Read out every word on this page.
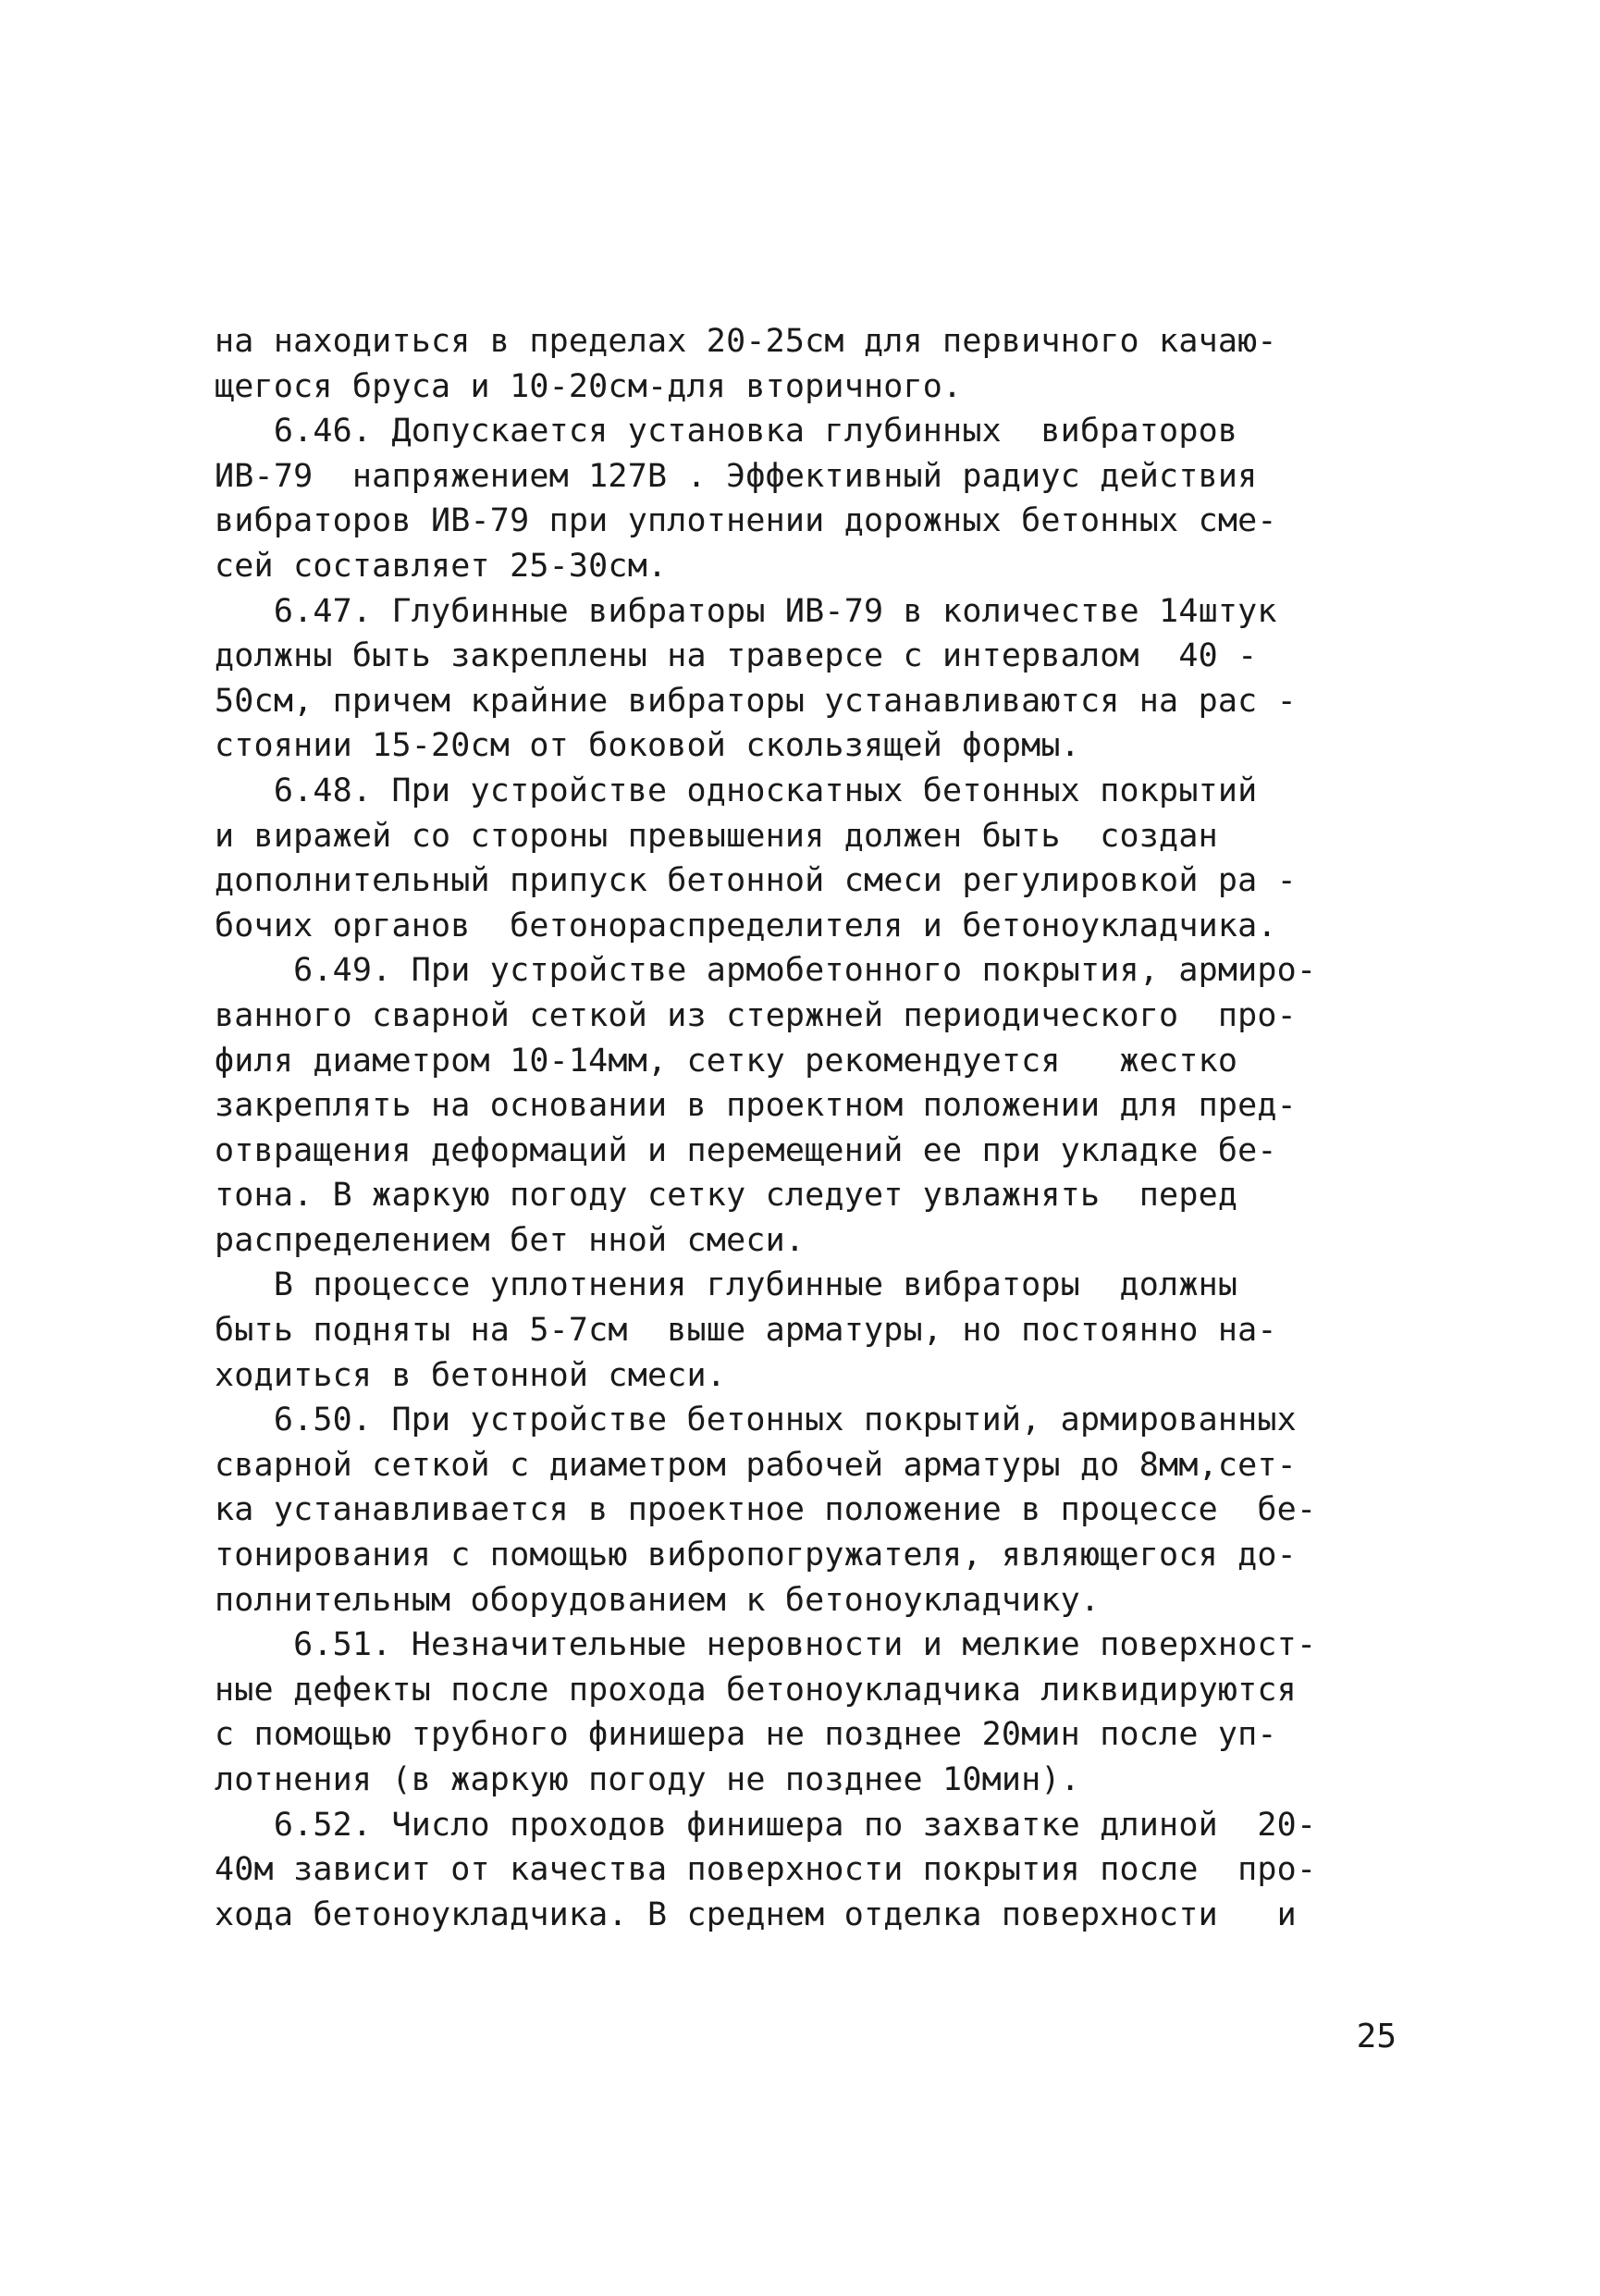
на находиться в пределах 20-25см для первичного качаю-
щегося бруса и 10-20см-для вторичного.
6.46. Допускается установка глубинных  вибраторов
ИВ-79  напряжением 127В . Эффективный радиус действия
вибраторов ИВ-79 при уплотнении дорожных бетонных сме-
сей составляет 25-30см.
6.47. Глубинные вибраторы ИВ-79 в количестве 14штук
должны быть закреплены на траверсе с интервалом  40 -
50см, причем крайние вибраторы устанавливаются на рас -
стоянии 15-20см от боковой скользящей формы.
6.48. При устройстве односкатных бетонных покрытий
и виражей со стороны превышения должен быть  создан
дополнительный припуск бетонной смеси регулировкой ра -
бочих органов  бетонораспределителя и бетоноукладчика.
6.49. При устройстве армобетонного покрытия, армиро-
ванного сварной сеткой из стержней периодического  про-
филя диаметром 10-14мм, сетку рекомендуется   жестко
закреплять на основании в проектном положении для пред-
отвращения деформаций и перемещений ее при укладке бе-
тона. В жаркую погоду сетку следует увлажнять  перед
распределением бет нной смеси.
В процессе уплотнения глубинные вибраторы  должны
быть подняты на 5-7см  выше арматуры, но постоянно на-
ходиться в бетонной смеси.
6.50. При устройстве бетонных покрытий, армированных
сварной сеткой с диаметром рабочей арматуры до 8мм,сет-
ка устанавливается в проектное положение в процессе  бе-
тонирования с помощью вибропогружателя, являющегося до-
полнительным оборудованием к бетоноукладчику.
6.51. Незначительные неровности и мелкие поверхност-
ные дефекты после прохода бетоноукладчика ликвидируются
с помощью трубного финишера не позднее 20мин после уп-
лотнения (в жаркую погоду не позднее 10мин).
6.52. Число проходов финишера по захватке длиной  20-
40м зависит от качества поверхности покрытия после  про-
хода бетоноукладчика. В среднем отделка поверхности   и
25
